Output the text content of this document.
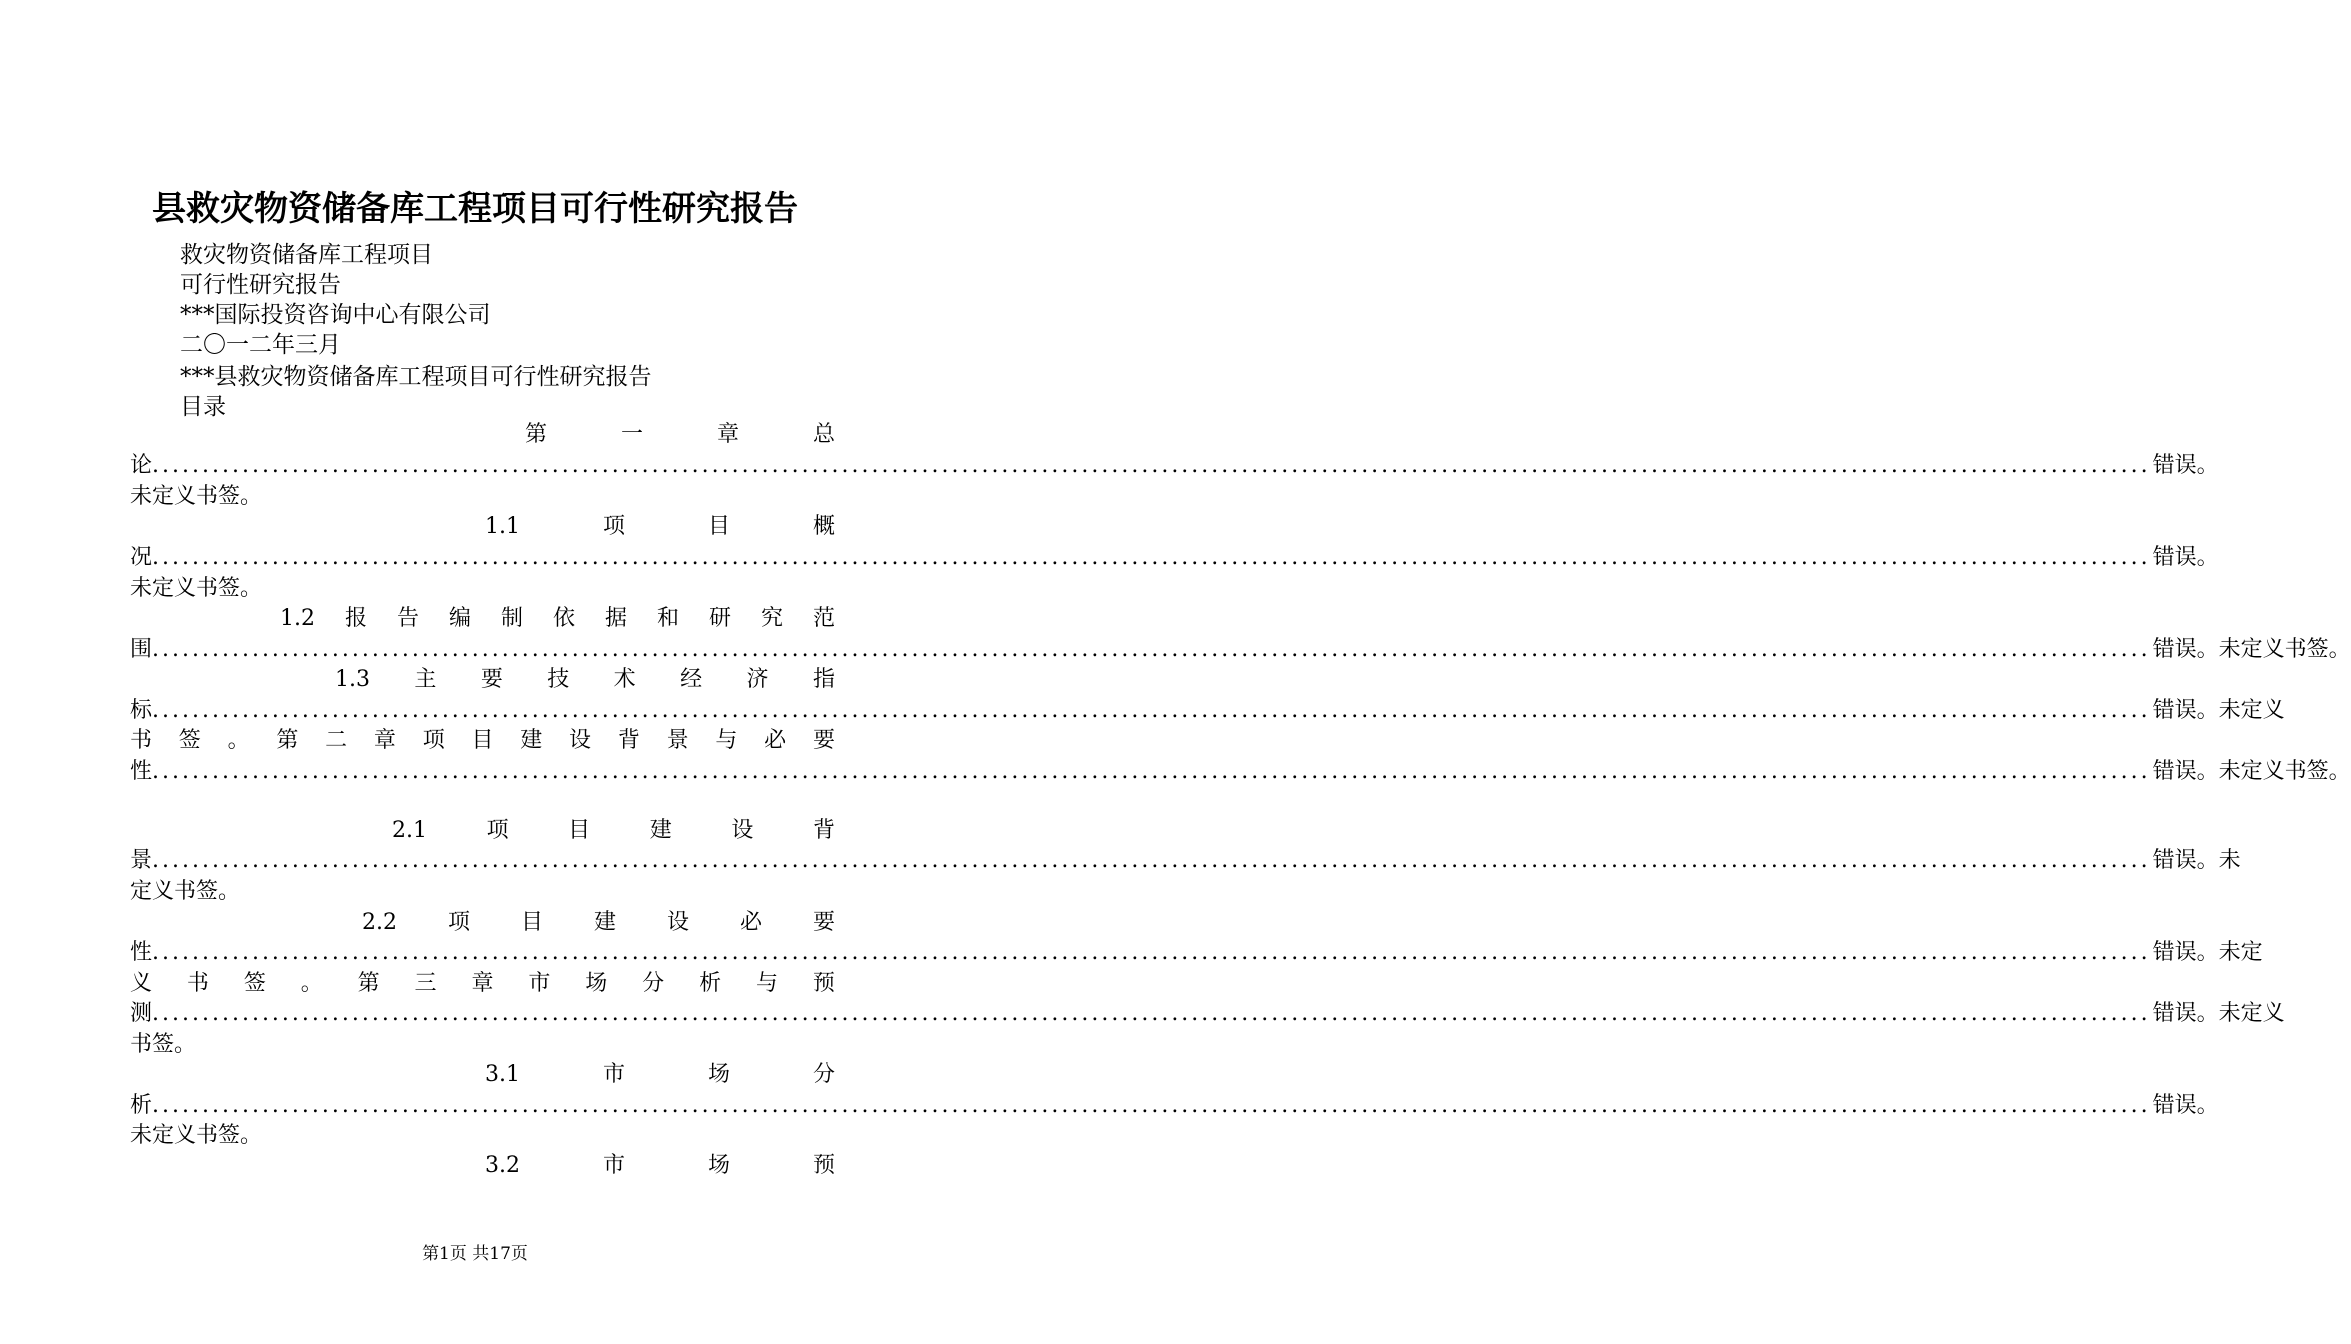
县救灾物资储备库工程项目可行性研究报告
救灾物资储备库工程项目
可行性研究报告
***国际投资咨询中心有限公司
二〇一二年三月
***县救灾物资储备库工程项目可行性研究报告
目录
第	一	章	总
论 ........................................................................................................................................................................................................ 错误。
未定义书签。
1.1	项	目	概
况 ........................................................................................................................................................................................................ 错误。
未定义书签。
1.2 报 告 编 制 依 据 和 研 究 范
围 ........................................................................................................................................................................................................ 错误。未定义书签。
1.3 主 要 技 术 经 济 指
标 ........................................................................................................................................................................................................ 错误。未定义
书 签 。 第 二 章 项 目 建 设 背 景 与 必 要
性 ........................................................................................................................................................................................................ 错误。未定义书签。
2.1	项	目	建	设	背
景 ........................................................................................................................................................................................................ 错误。未
定义书签。
2.2 项 目 建 设 必 要
性 ........................................................................................................................................................................................................ 错误。未定
义 书 签 。 第 三 章 市 场 分 析 与 预
测 ........................................................................................................................................................................................................ 错误。未定义
书签。
3.1	市	场	分
析 ........................................................................................................................................................................................................ 错误。
未定义书签。
3.2	市	场	预
第1页 共17页
